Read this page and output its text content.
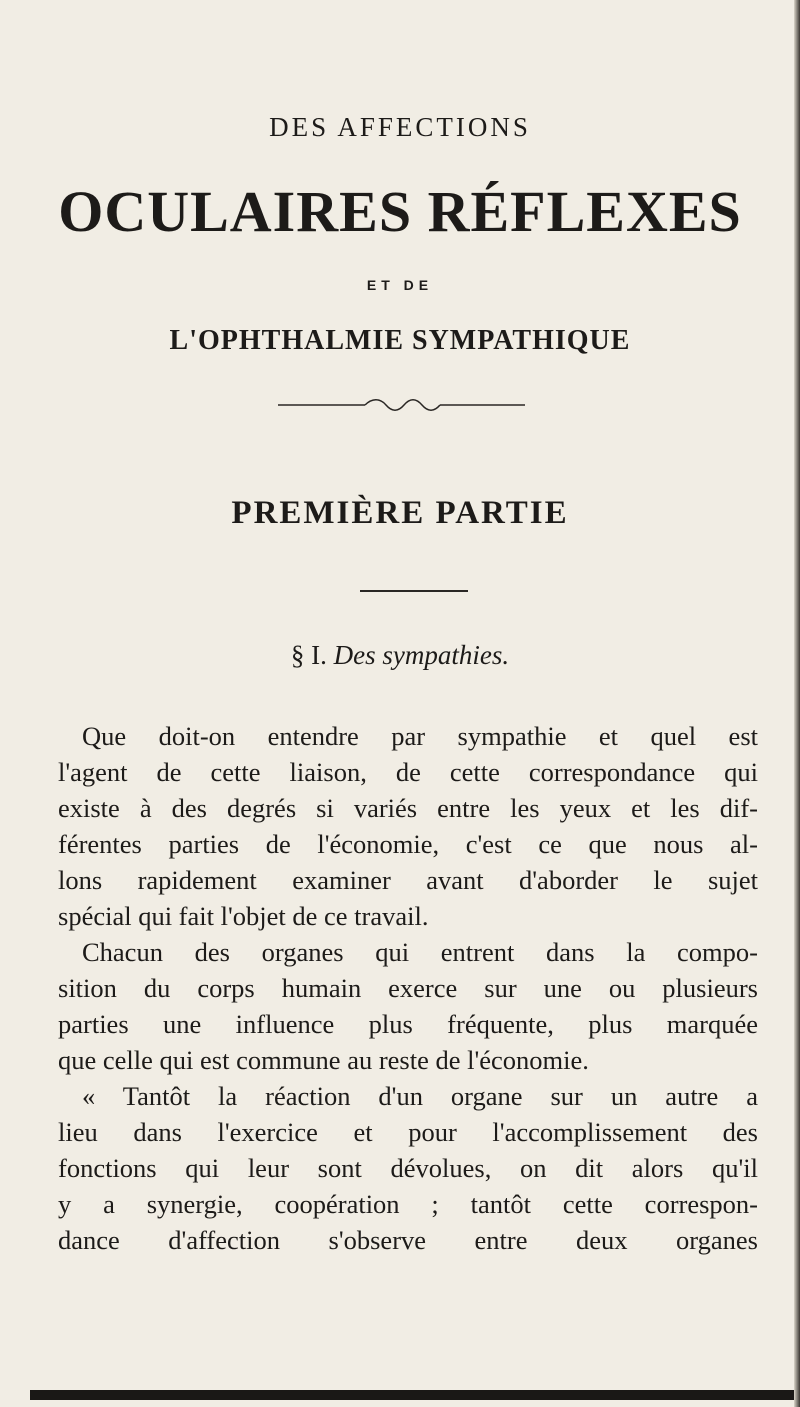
DES AFFECTIONS
OCULAIRES RÉFLEXES
ET DE
L'OPHTHALMIE SYMPATHIQUE
PREMIÈRE PARTIE
§ I. Des sympathies.
Que doit-on entendre par sympathie et quel est
l'agent de cette liaison, de cette correspondance qui
existe à des degrés si variés entre les yeux et les dif-
férentes parties de l'économie, c'est ce que nous al-
lons rapidement examiner avant d'aborder le sujet
spécial qui fait l'objet de ce travail.
Chacun des organes qui entrent dans la compo-
sition du corps humain exerce sur une ou plusieurs
parties une influence plus fréquente, plus marquée
que celle qui est commune au reste de l'économie.
« Tantôt la réaction d'un organe sur un autre a
lieu dans l'exercice et pour l'accomplissement des
fonctions qui leur sont dévolues, on dit alors qu'il
y a synergie, coopération ; tantôt cette correspon-
dance d'affection s'observe entre deux organes
